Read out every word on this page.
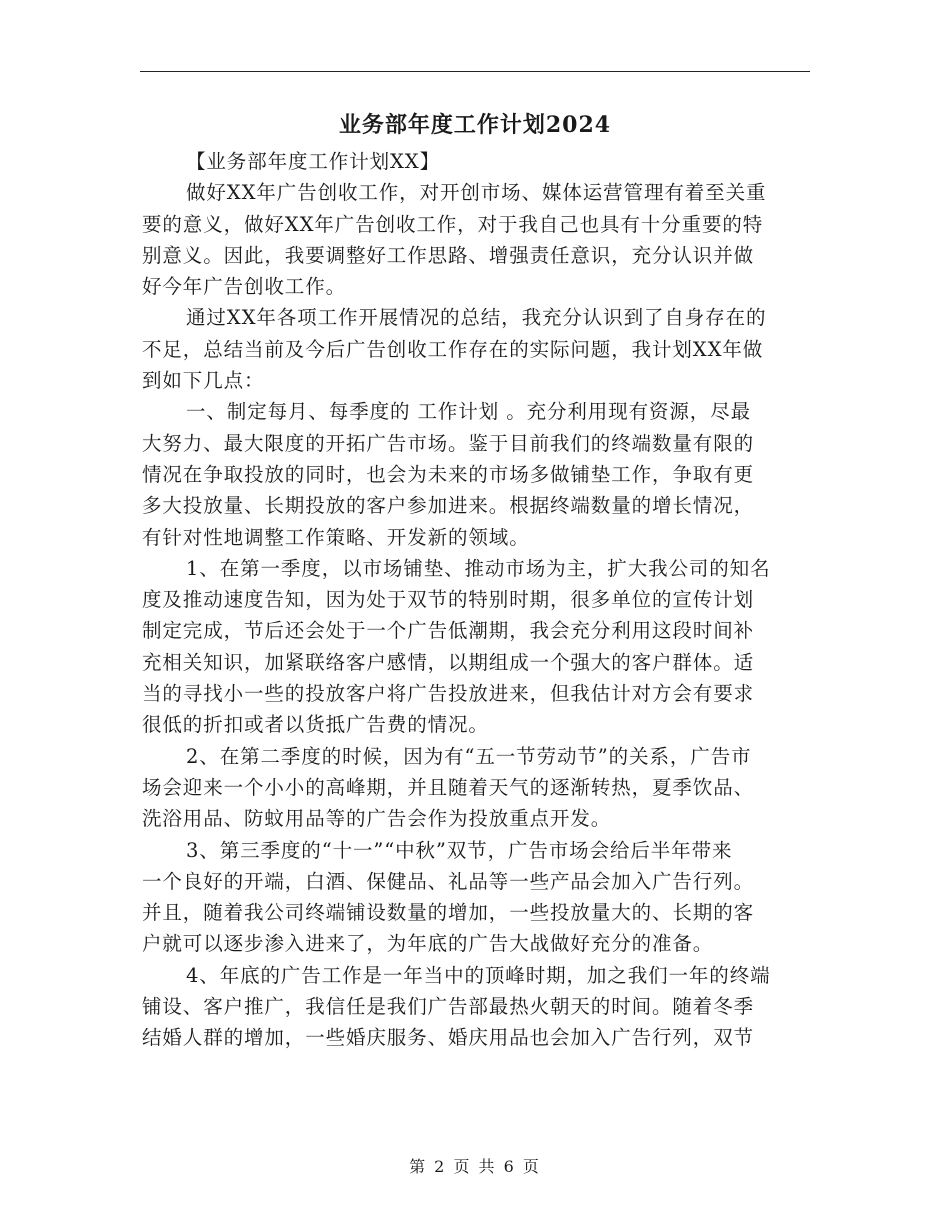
业务部年度工作计划2024
【业务部年度工作计划XX】
做好XX年广告创收工作，对开创市场、媒体运营管理有着至关重
要的意义，做好XX年广告创收工作，对于我自己也具有十分重要的特
别意义。因此，我要调整好工作思路、增强责任意识，充分认识并做
好今年广告创收工作。
通过XX年各项工作开展情况的总结，我充分认识到了自身存在的
不足，总结当前及今后广告创收工作存在的实际问题，我计划XX年做
到如下几点：
一、制定每月、每季度的 工作计划 。充分利用现有资源，尽最
大努力、最大限度的开拓广告市场。鉴于目前我们的终端数量有限的
情况在争取投放的同时，也会为未来的市场多做铺垫工作，争取有更
多大投放量、长期投放的客户参加进来。根据终端数量的增长情况，
有针对性地调整工作策略、开发新的领域。
1、在第一季度，以市场铺垫、推动市场为主，扩大我公司的知名
度及推动速度告知，因为处于双节的特别时期，很多单位的宣传计划
制定完成，节后还会处于一个广告低潮期，我会充分利用这段时间补
充相关知识，加紧联络客户感情，以期组成一个强大的客户群体。适
当的寻找小一些的投放客户将广告投放进来，但我估计对方会有要求
很低的折扣或者以货抵广告费的情况。
2、在第二季度的时候，因为有“五一节劳动节”的关系，广告市
场会迎来一个小小的高峰期，并且随着天气的逐渐转热，夏季饮品、
洗浴用品、防蚊用品等的广告会作为投放重点开发。
3、第三季度的“十一”“中秋”双节，广告市场会给后半年带来
一个良好的开端，白酒、保健品、礼品等一些产品会加入广告行列。
并且，随着我公司终端铺设数量的增加，一些投放量大的、长期的客
户就可以逐步渗入进来了，为年底的广告大战做好充分的准备。
4、年底的广告工作是一年当中的顶峰时期，加之我们一年的终端
铺设、客户推广，我信任是我们广告部最热火朝天的时间。随着冬季
结婚人群的增加，一些婚庆服务、婚庆用品也会加入广告行列，双节
第 2 页 共 6 页
